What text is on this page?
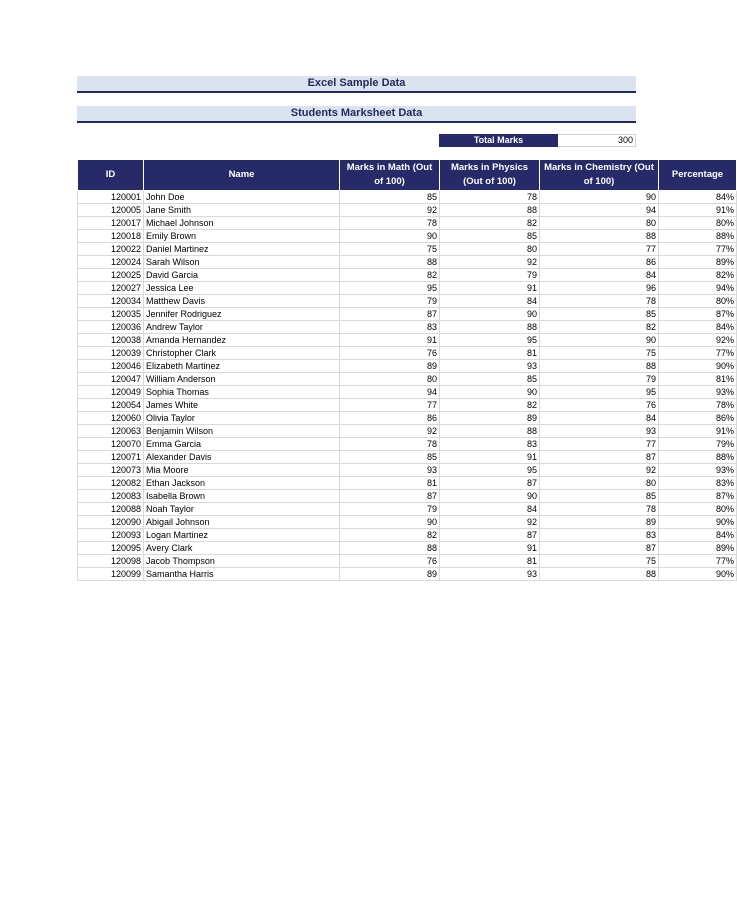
Excel Sample Data
Students Marksheet Data
Total Marks	300
ID	Name	Marks in Math (Out of 100)	Marks in Physics (Out of 100)	Marks in Chemistry (Out of 100)	Percentage
120001	John Doe	85	78	90	84%
120005	Jane Smith	92	88	94	91%
120017	Michael Johnson	78	82	80	80%
120018	Emily Brown	90	85	88	88%
120022	Daniel Martinez	75	80	77	77%
120024	Sarah Wilson	88	92	86	89%
120025	David Garcia	82	79	84	82%
120027	Jessica Lee	95	91	96	94%
120034	Matthew Davis	79	84	78	80%
120035	Jennifer Rodriguez	87	90	85	87%
120036	Andrew Taylor	83	88	82	84%
120038	Amanda Hernandez	91	95	90	92%
120039	Christopher Clark	76	81	75	77%
120046	Elizabeth Martinez	89	93	88	90%
120047	William Anderson	80	85	79	81%
120049	Sophia Thomas	94	90	95	93%
120054	James White	77	82	76	78%
120060	Olivia Taylor	86	89	84	86%
120063	Benjamin Wilson	92	88	93	91%
120070	Emma Garcia	78	83	77	79%
120071	Alexander Davis	85	91	87	88%
120073	Mia Moore	93	95	92	93%
120082	Ethan Jackson	81	87	80	83%
120083	Isabella Brown	87	90	85	87%
120088	Noah Taylor	79	84	78	80%
120090	Abigail Johnson	90	92	89	90%
120093	Logan Martinez	82	87	83	84%
120095	Avery Clark	88	91	87	89%
120098	Jacob Thompson	76	81	75	77%
120099	Samantha Harris	89	93	88	90%
